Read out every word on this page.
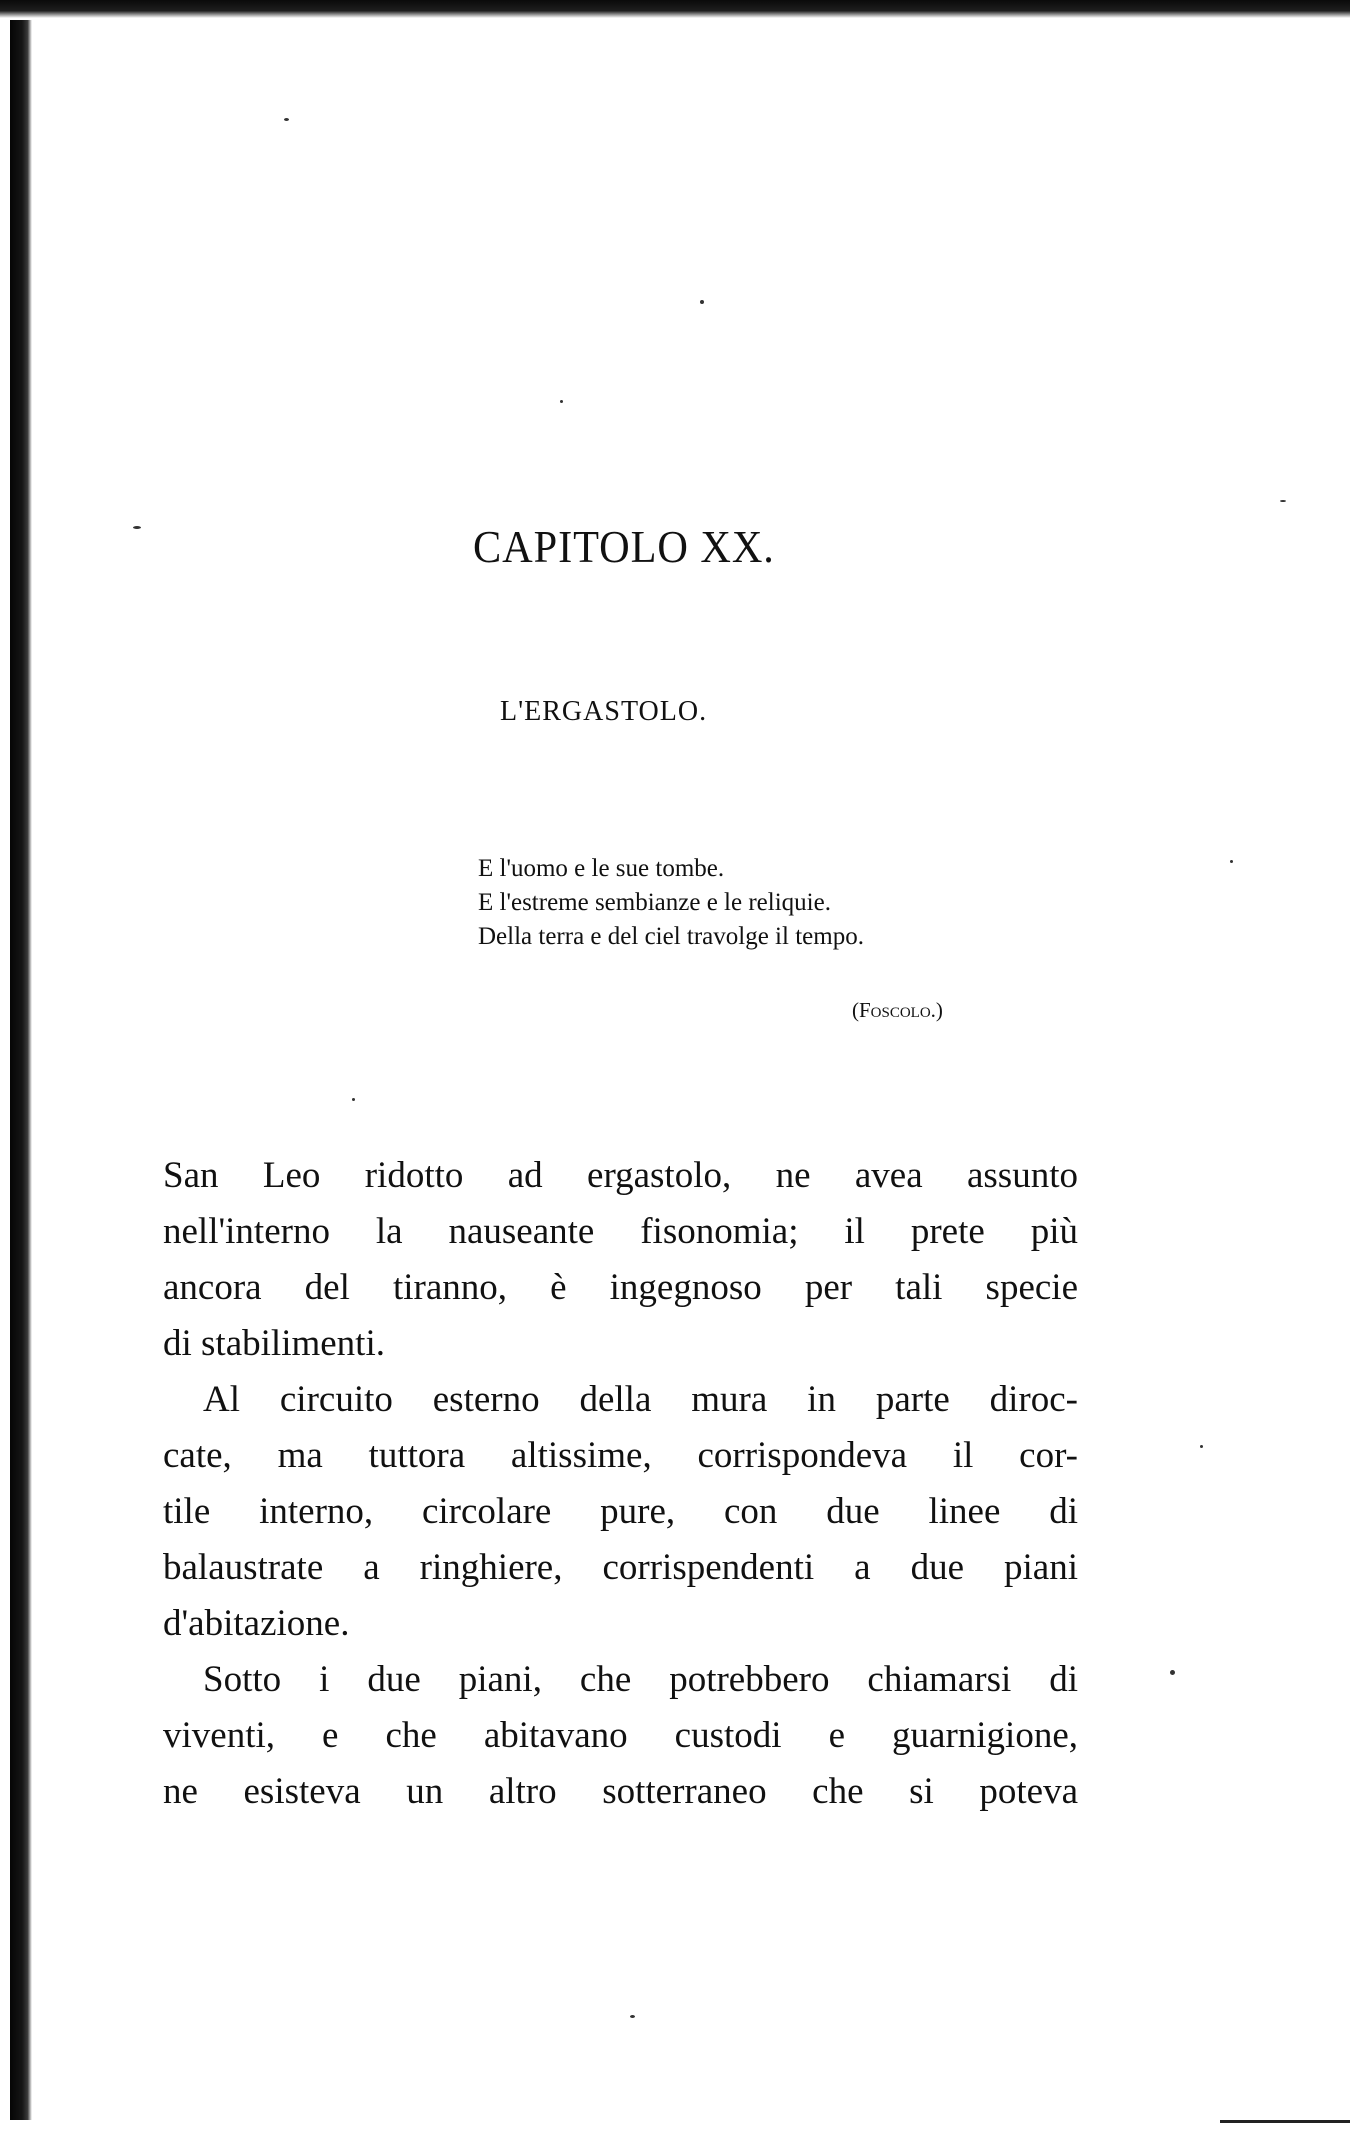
CAPITOLO XX.
L'ERGASTOLO.
E l'uomo e le sue tombe.
E l'estreme sembianze e le reliquie.
Della terra e del ciel travolge il tempo.
(Foscolo.)
San Leo ridotto ad ergastolo, ne avea assunto
nell'interno la nauseante fisonomia; il prete più
ancora del tiranno, è ingegnoso per tali specie
di stabilimenti.
Al circuito esterno della mura in parte diroc-
cate, ma tuttora altissime, corrispondeva il cor-
tile interno, circolare pure, con due linee di
balaustrate a ringhiere, corrispendenti a due piani
d'abitazione.
Sotto i due piani, che potrebbero chiamarsi di
viventi, e che abitavano custodi e guarnigione,
ne esisteva un altro sotterraneo che si poteva
